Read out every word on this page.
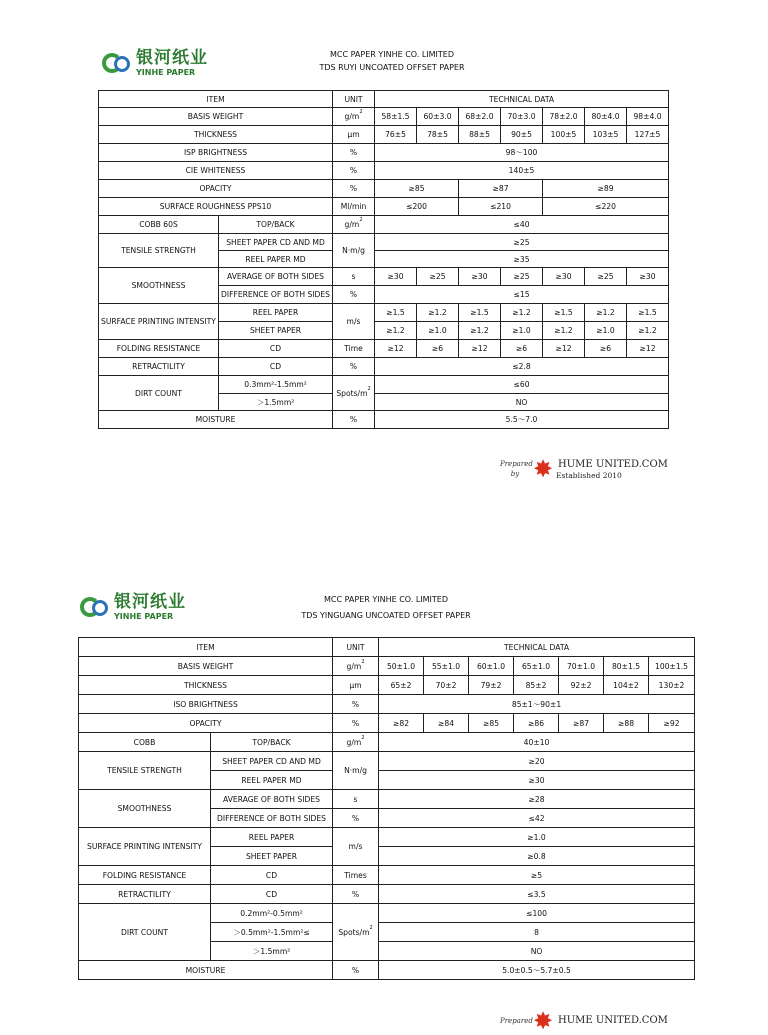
银河纸业
YINHE PAPER
MCC PAPER YINHE CO. LIMITED
TDS RUYI UNCOATED OFFSET PAPER
ITEM		UNIT	TECHNICAL DATA						
BASIS WEIGHT		$g/m^2$	58±1.5	60±3.0	68±2.0	70±3.0	78±2.0	80±4.0	98±4.0
THICKNESS		μm	76±5	78±5	88±5	90±5	100±5	103±5	127±5
ISP BRIGHTNESS		%	98～100						
CIE WHITENESS		%	140±5						
OPACITY		%	≥85		≥87		≥89		
SURFACE ROUGHNESS PPS10		Ml/min	≤200		≤210		≤220		
COBB 60S	TOP/BACK	$g/m^2$	≤40						
TENSILE STRENGTH	SHEET PAPER CD AND MD	N·m/g	≥25						
	REEL PAPER MD		≥35						
SMOOTHNESS	AVERAGE OF BOTH SIDES	s	≥30	≥25	≥30	≥25	≥30	≥25	≥30
	DIFFERENCE OF BOTH SIDES	%	≤15						
SURFACE PRINTING INTENSITY	REEL PAPER	m/s	≥1.5	≥1.2	≥1.5	≥1.2	≥1.5	≥1.2	≥1.5
	SHEET PAPER		≥1.2	≥1.0	≥1.2	≥1.0	≥1.2	≥1.0	≥1.2
FOLDING RESISTANCE	CD	Time	≥12	≥6	≥12	≥6	≥12	≥6	≥12
RETRACTILITY	CD	%	≤2.8						
DIRT COUNT	0.3mm²-1.5mm²	Spots/$m^2$	≤60						
	＞1.5mm²		NO						
MOISTURE		%	5.5～7.0						
Prepared
by ✸ HUME UNITED.COM
Established 2010
银河纸业
YINHE PAPER
MCC PAPER YINHE CO. LIMITED
TDS YINGUANG UNCOATED OFFSET PAPER
ITEM		UNIT	TECHNICAL DATA						
BASIS WEIGHT		$g/m^2$	50±1.0	55±1.0	60±1.0	65±1.0	70±1.0	80±1.5	100±1.5
THICKNESS		μm	65±2	70±2	79±2	85±2	92±2	104±2	130±2
ISO BRIGHTNESS		%	85±1～90±1						
OPACITY		%	≥82	≥84	≥85	≥86	≥87	≥88	≥92
COBB	TOP/BACK	$g/m^2$	40±10						
TENSILE STRENGTH	SHEET PAPER CD AND MD	N·m/g	≥20						
	REEL PAPER MD		≥30						
SMOOTHNESS	AVERAGE OF BOTH SIDES	s	≥28						
	DIFFERENCE OF BOTH SIDES	%	≤42						
SURFACE PRINTING INTENSITY	REEL PAPER	m/s	≥1.0						
	SHEET PAPER		≥0.8						
FOLDING RESISTANCE	CD	Times	≥5						
RETRACTILITY	CD	%	≤3.5						
DIRT COUNT	0.2mm²-0.5mm²	Spots/$m^2$	≤100						
	＞0.5mm²-1.5mm²≤		8						
	＞1.5mm²		NO						
MOISTURE		%	5.0±0.5～5.7±0.5						
Prepared ✸ HUME UNITED.COM
